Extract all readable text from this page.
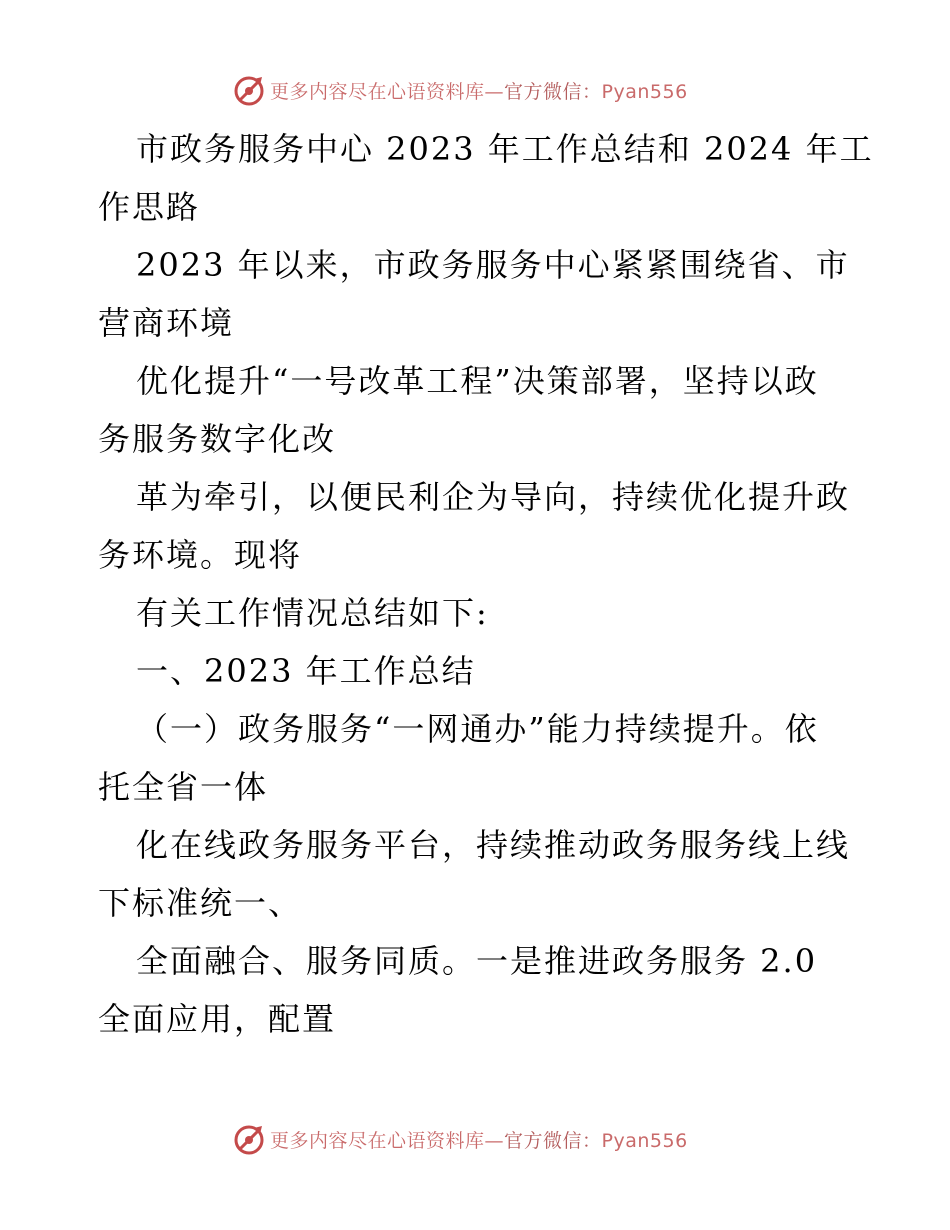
更多内容尽在心语资料库—官方微信：Pyan556

市政务服务中心 2023 年工作总结和 2024 年工
作思路

2023 年以来，市政务服务中心紧紧围绕省、市
营商环境

优化提升“一号改革工程”决策部署，坚持以政
务服务数字化改

革为牵引，以便民利企为导向，持续优化提升政
务环境。现将

有关工作情况总结如下:

一、2023 年工作总结

（一）政务服务“一网通办”能力持续提升。依
托全省一体

化在线政务服务平台，持续推动政务服务线上线
下标准统一、

全面融合、服务同质。一是推进政务服务 2.0
全面应用，配置

更多内容尽在心语资料库—官方微信：Pyan556
